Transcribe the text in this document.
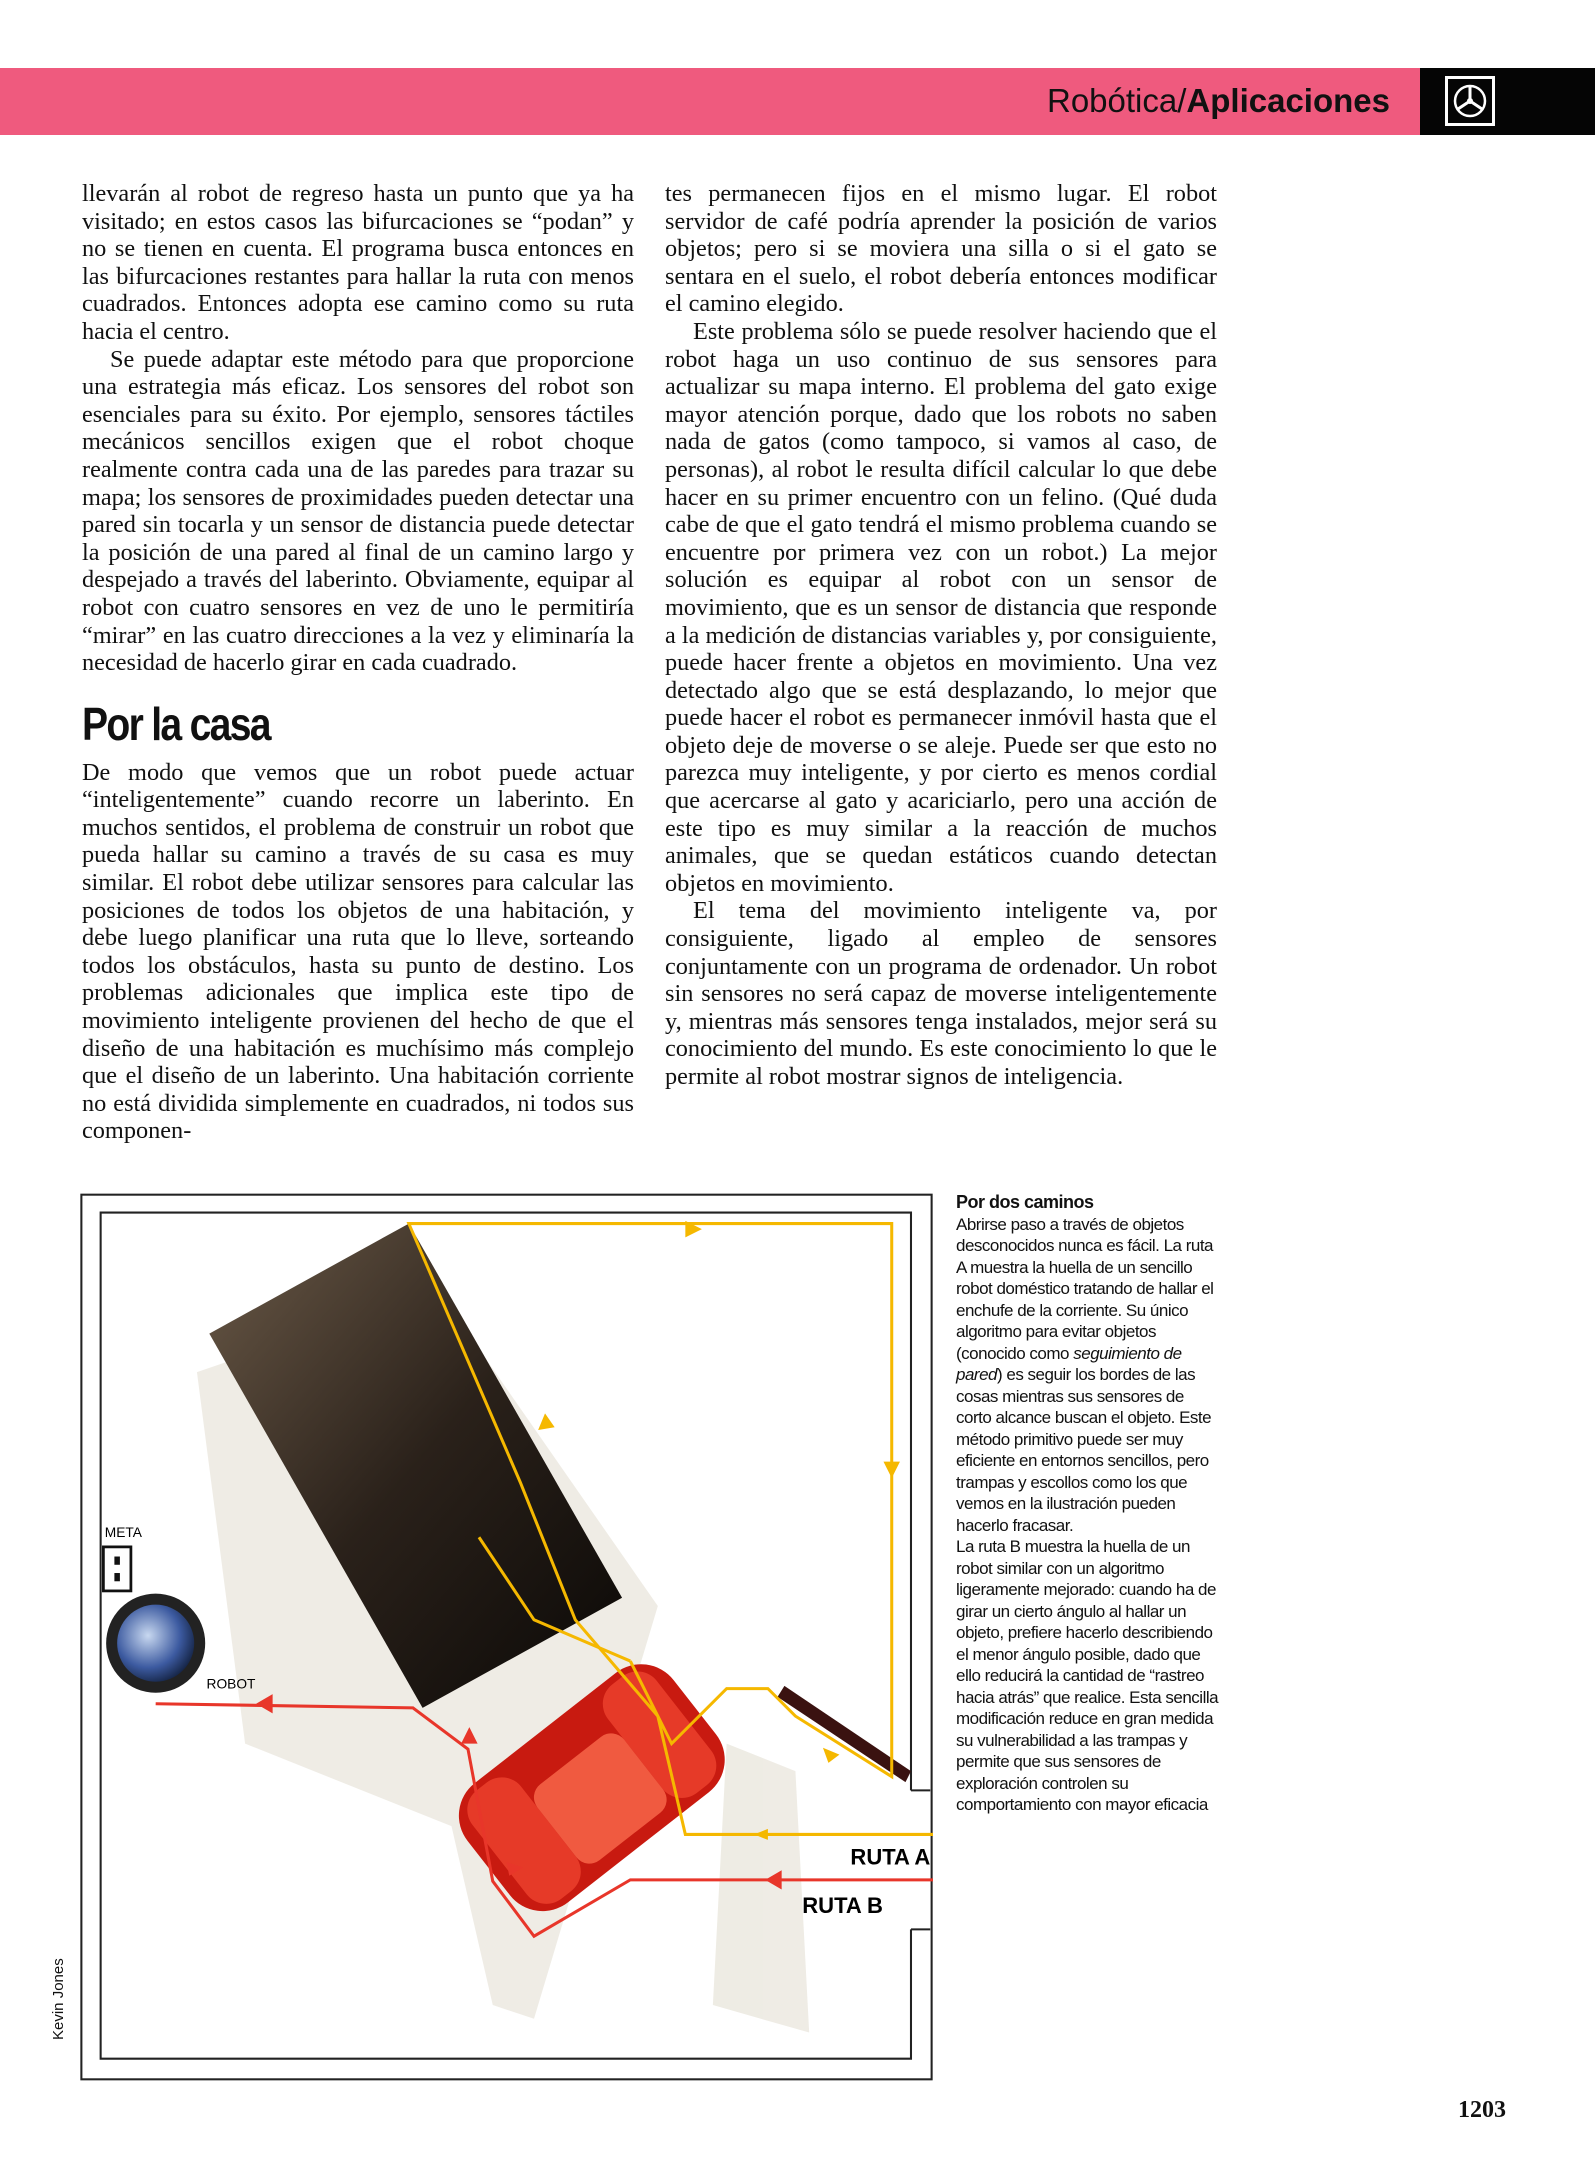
Robótica/Aplicaciones

llevarán al robot de regreso hasta un punto que ya ha visitado; en estos casos las bifurcaciones se “podan” y no se tienen en cuenta. El programa busca entonces en las bifurcaciones restantes para hallar la ruta con menos cuadrados. Entonces adopta ese camino como su ruta hacia el centro.

Se puede adaptar este método para que proporcione una estrategia más eficaz. Los sensores del robot son esenciales para su éxito. Por ejemplo, sensores táctiles mecánicos sencillos exigen que el robot choque realmente contra cada una de las paredes para trazar su mapa; los sensores de proximidades pueden detectar una pared sin tocarla y un sensor de distancia puede detectar la posición de una pared al final de un camino largo y despejado a través del laberinto. Obviamente, equipar al robot con cuatro sensores en vez de uno le permitiría “mirar” en las cuatro direcciones a la vez y eliminaría la necesidad de hacerlo girar en cada cuadrado.

Por la casa

De modo que vemos que un robot puede actuar “inteligentemente” cuando recorre un laberinto. En muchos sentidos, el problema de construir un robot que pueda hallar su camino a través de su casa es muy similar. El robot debe utilizar sensores para calcular las posiciones de todos los objetos de una habitación, y debe luego planificar una ruta que lo lleve, sorteando todos los obstáculos, hasta su punto de destino. Los problemas adicionales que implica este tipo de movimiento inteligente provienen del hecho de que el diseño de una habitación es muchísimo más complejo que el diseño de un laberinto. Una habitación corriente no está dividida simplemente en cuadrados, ni todos sus componen-

tes permanecen fijos en el mismo lugar. El robot servidor de café podría aprender la posición de varios objetos; pero si se moviera una silla o si el gato se sentara en el suelo, el robot debería entonces modificar el camino elegido.

Este problema sólo se puede resolver haciendo que el robot haga un uso continuo de sus sensores para actualizar su mapa interno. El problema del gato exige mayor atención porque, dado que los robots no saben nada de gatos (como tampoco, si vamos al caso, de personas), al robot le resulta difícil calcular lo que debe hacer en su primer encuentro con un felino. (Qué duda cabe de que el gato tendrá el mismo problema cuando se encuentre por primera vez con un robot.) La mejor solución es equipar al robot con un sensor de movimiento, que es un sensor de distancia que responde a la medición de distancias variables y, por consiguiente, puede hacer frente a objetos en movimiento. Una vez detectado algo que se está desplazando, lo mejor que puede hacer el robot es permanecer inmóvil hasta que el objeto deje de moverse o se aleje. Puede ser que esto no parezca muy inteligente, y por cierto es menos cordial que acercarse al gato y acariciarlo, pero una acción de este tipo es muy similar a la reacción de muchos animales, que se quedan estáticos cuando detectan objetos en movimiento.

El tema del movimiento inteligente va, por consiguiente, ligado al empleo de sensores conjuntamente con un programa de ordenador. Un robot sin sensores no será capaz de moverse inteligentemente y, mientras más sensores tenga instalados, mejor será su conocimiento del mundo. Es este conocimiento lo que le permite al robot mostrar signos de inteligencia.

META
ROBOT
RUTA A
RUTA B
Por dos caminos
Abrirse paso a través de objetos desconocidos nunca es fácil. La ruta A muestra la huella de un sencillo robot doméstico tratando de hallar el enchufe de la corriente. Su único algoritmo para evitar objetos (conocido como seguimiento de pared) es seguir los bordes de las cosas mientras sus sensores de corto alcance buscan el objeto. Este método primitivo puede ser muy eficiente en entornos sencillos, pero trampas y escollos como los que vemos en la ilustración pueden hacerlo fracasar.
La ruta B muestra la huella de un robot similar con un algoritmo ligeramente mejorado: cuando ha de girar un cierto ángulo al hallar un objeto, prefiere hacerlo describiendo el menor ángulo posible, dado que ello reducirá la cantidad de “rastreo hacia atrás” que realice. Esta sencilla modificación reduce en gran medida su vulnerabilidad a las trampas y permite que sus sensores de exploración controlen su comportamiento con mayor eficacia
Kevin Jones
1203
